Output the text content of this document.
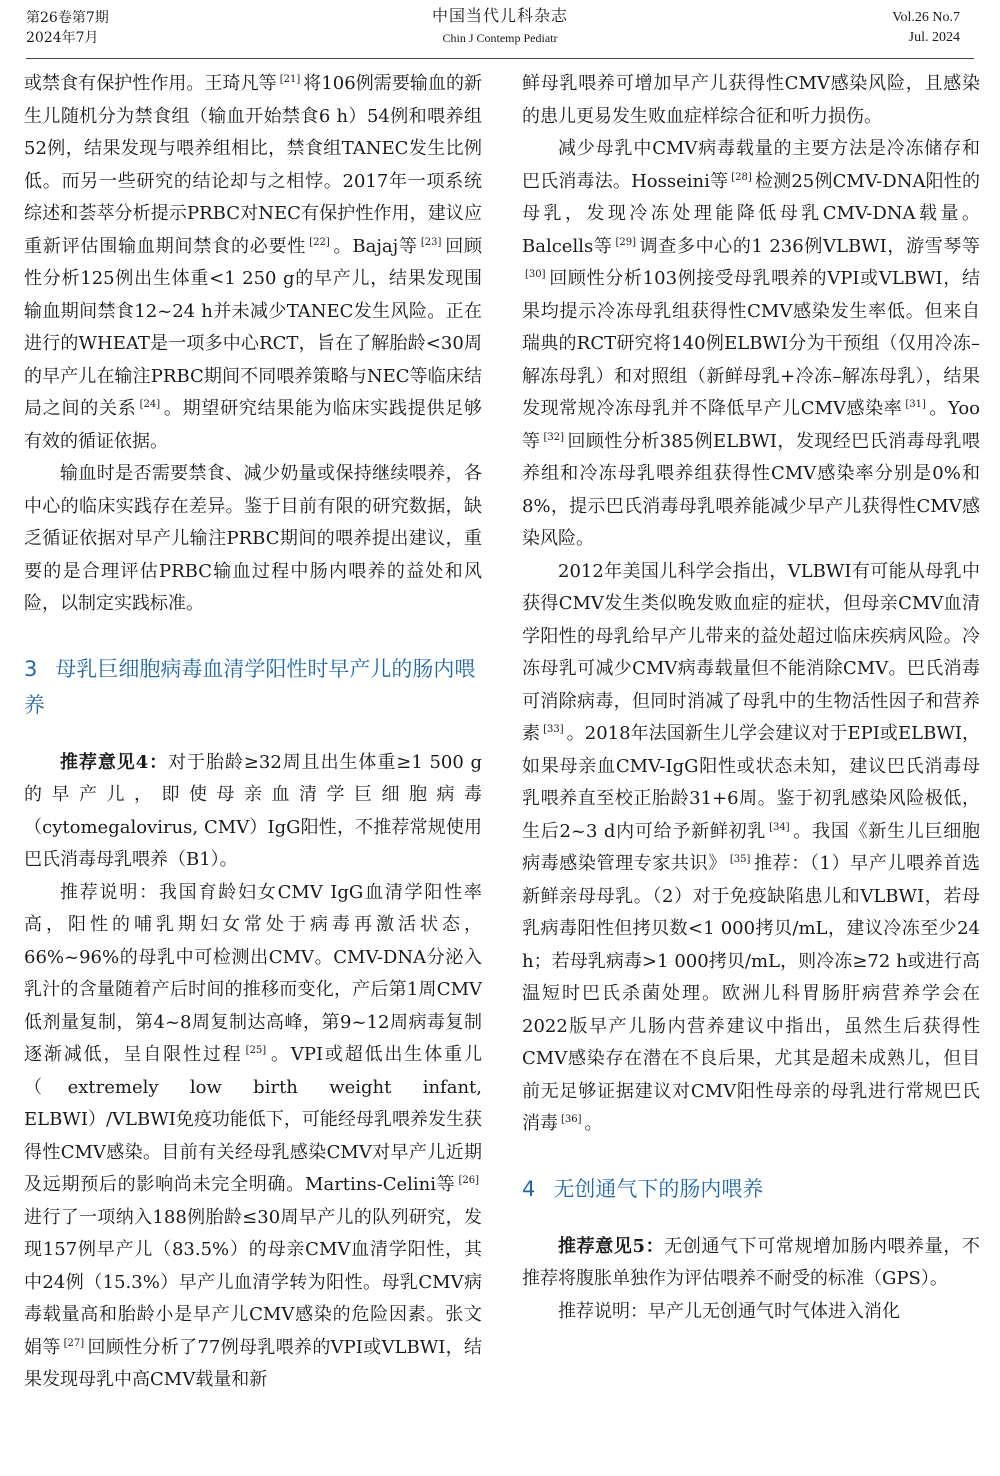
第26卷第7期
2024年7月
中国当代儿科杂志
Chin J Contemp Pediatr
Vol.26 No.7
Jul. 2024

或禁食有保护性作用。王琦凡等 [21] 将106例需要输血的新生儿随机分为禁食组（输血开始禁食6 h）54例和喂养组52例，结果发现与喂养组相比，禁食组TANEC发生比例低。而另一些研究的结论却与之相悖。2017年一项系统综述和荟萃分析提示PRBC对NEC有保护性作用，建议应重新评估围输血期间禁食的必要性 [22] 。Bajaj等 [23] 回顾性分析125例出生体重<1 250 g的早产儿，结果发现围输血期间禁食12~24 h并未减少TANEC发生风险。正在进行的WHEAT是一项多中心RCT，旨在了解胎龄<30周的早产儿在输注PRBC期间不同喂养策略与NEC等临床结局之间的关系 [24] 。期望研究结果能为临床实践提供足够有效的循证依据。

输血时是否需要禁食、减少奶量或保持继续喂养，各中心的临床实践存在差异。鉴于目前有限的研究数据，缺乏循证依据对早产儿输注PRBC期间的喂养提出建议，重要的是合理评估PRBC输血过程中肠内喂养的益处和风险，以制定实践标准。

3 母乳巨细胞病毒血清学阳性时早产儿的肠内喂养

推荐意见4：对于胎龄≥32周且出生体重≥1 500 g的早产儿，即使母亲血清学巨细胞病毒（cytomegalovirus, CMV）IgG阳性，不推荐常规使用巴氏消毒母乳喂养（B1）。

推荐说明：我国育龄妇女CMV IgG血清学阳性率高，阳性的哺乳期妇女常处于病毒再激活状态，66%~96%的母乳中可检测出CMV。CMV-DNA分泌入乳汁的含量随着产后时间的推移而变化，产后第1周CMV低剂量复制，第4~8周复制达高峰，第9~12周病毒复制逐渐减低，呈自限性过程 [25] 。VPI或超低出生体重儿（extremely low birth weight infant, ELBWI）/VLBWI免疫功能低下，可能经母乳喂养发生获得性CMV感染。目前有关经母乳感染CMV对早产儿近期及远期预后的影响尚未完全明确。Martins-Celini等 [26]进行了一项纳入188例胎龄≤30周早产儿的队列研究，发现157例早产儿（83.5%）的母亲CMV血清学阳性，其中24例（15.3%）早产儿血清学转为阳性。母乳CMV病毒载量高和胎龄小是早产儿CMV感染的危险因素。张文娟等 [27] 回顾性分析了77例母乳喂养的VPI或VLBWI，结果发现母乳中高CMV载量和新

鲜母乳喂养可增加早产儿获得性CMV感染风险，且感染的患儿更易发生败血症样综合征和听力损伤。

减少母乳中CMV病毒载量的主要方法是冷冻储存和巴氏消毒法。Hosseini等 [28] 检测25例CMV-DNA阳性的母乳，发现冷冻处理能降低母乳CMV-DNA载量。Balcells等 [29] 调查多中心的1 236例VLBWI，游雪琴等[30] 回顾性分析103例接受母乳喂养的VPI或VLBWI，结果均提示冷冻母乳组获得性CMV感染发生率低。但来自瑞典的RCT研究将140例ELBWI分为干预组（仅用冷冻–解冻母乳）和对照组（新鲜母乳+冷冻–解冻母乳），结果发现常规冷冻母乳并不降低早产儿CMV感染率 [31] 。Yoo等 [32] 回顾性分析385例ELBWI，发现经巴氏消毒母乳喂养组和冷冻母乳喂养组获得性CMV感染率分别是0%和8%，提示巴氏消毒母乳喂养能减少早产儿获得性CMV感染风险。

2012年美国儿科学会指出，VLBWI有可能从母乳中获得CMV发生类似晚发败血症的症状，但母亲CMV血清学阳性的母乳给早产儿带来的益处超过临床疾病风险。冷冻母乳可减少CMV病毒载量但不能消除CMV。巴氏消毒可消除病毒，但同时消减了母乳中的生物活性因子和营养素 [33] 。2018年法国新生儿学会建议对于EPI或ELBWI，如果母亲血CMV-IgG阳性或状态未知，建议巴氏消毒母乳喂养直至校正胎龄31+6周。鉴于初乳感染风险极低，生后2~3 d内可给予新鲜初乳 [34] 。我国《新生儿巨细胞病毒感染管理专家共识》 [35] 推荐：（1）早产儿喂养首选新鲜亲母母乳。（2）对于免疫缺陷患儿和VLBWI，若母乳病毒阳性但拷贝数<1 000拷贝/mL，建议冷冻至少24 h；若母乳病毒>1 000拷贝/mL，则冷冻≥72 h或进行高温短时巴氏杀菌处理。欧洲儿科胃肠肝病营养学会在2022版早产儿肠内营养建议中指出，虽然生后获得性CMV感染存在潜在不良后果，尤其是超未成熟儿，但目前无足够证据建议对CMV阳性母亲的母乳进行常规巴氏消毒 [36] 。

4 无创通气下的肠内喂养

推荐意见5：无创通气下可常规增加肠内喂养量，不推荐将腹胀单独作为评估喂养不耐受的标准（GPS）。

推荐说明：早产儿无创通气时气体进入消化
